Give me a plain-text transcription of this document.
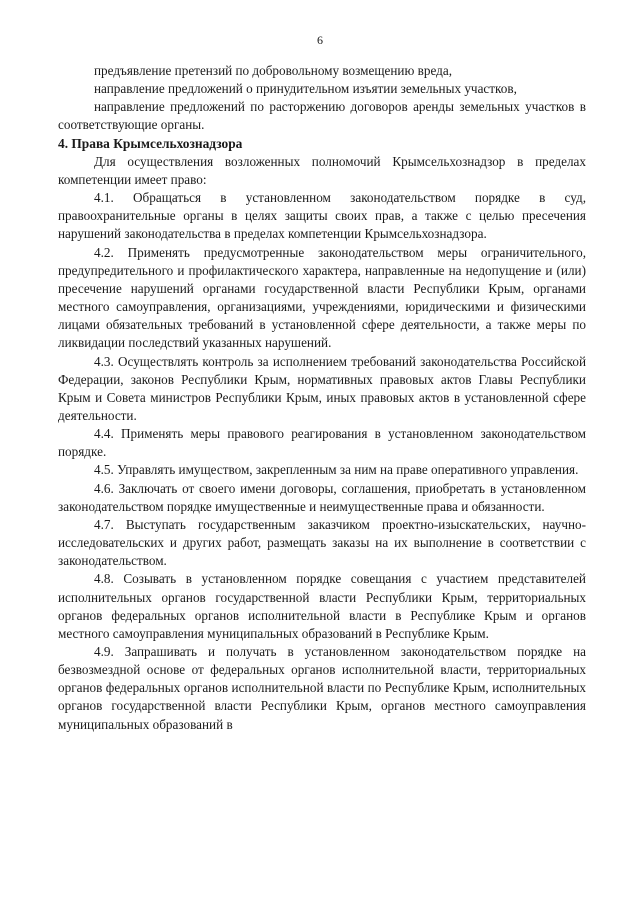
6

предъявление претензий по добровольному возмещению вреда,

направление предложений о принудительном изъятии земельных участков,

направление предложений по расторжению договоров аренды земельных участков в соответствующие органы.

4. Права Крымсельхознадзора

Для осуществления возложенных полномочий Крымсельхознадзор в пределах компетенции имеет право:

4.1. Обращаться в установленном законодательством порядке в суд, правоохранительные органы в целях защиты своих прав, а также с целью пресечения нарушений законодательства в пределах компетенции Крымсельхознадзора.

4.2. Применять предусмотренные законодательством меры ограничительного, предупредительного и профилактического характера, направленные на недопущение и (или) пресечение нарушений органами государственной власти Республики Крым, органами местного самоуправления, организациями, учреждениями, юридическими и физическими лицами обязательных требований в установленной сфере деятельности, а также меры по ликвидации последствий указанных нарушений.

4.3. Осуществлять контроль за исполнением требований законодательства Российской Федерации, законов Республики Крым, нормативных правовых актов Главы Республики Крым и Совета министров Республики Крым, иных правовых актов в установленной сфере деятельности.

4.4. Применять меры правового реагирования в установленном законодательством порядке.

4.5. Управлять имуществом, закрепленным за ним на праве оперативного управления.

4.6. Заключать от своего имени договоры, соглашения, приобретать в установленном законодательством порядке имущественные и неимущественные права и обязанности.

4.7. Выступать государственным заказчиком проектно-изыскательских, научно-исследовательских и других работ, размещать заказы на их выполнение в соответствии с законодательством.

4.8. Созывать в установленном порядке совещания с участием представителей исполнительных органов государственной власти Республики Крым, территориальных органов федеральных органов исполнительной власти в Республике Крым и органов местного самоуправления муниципальных образований в Республике Крым.

4.9. Запрашивать и получать в установленном законодательством порядке на безвозмездной основе от федеральных органов исполнительной власти, территориальных органов федеральных органов исполнительной власти по Республике Крым, исполнительных органов государственной власти Республики Крым, органов местного самоуправления муниципальных образований в
